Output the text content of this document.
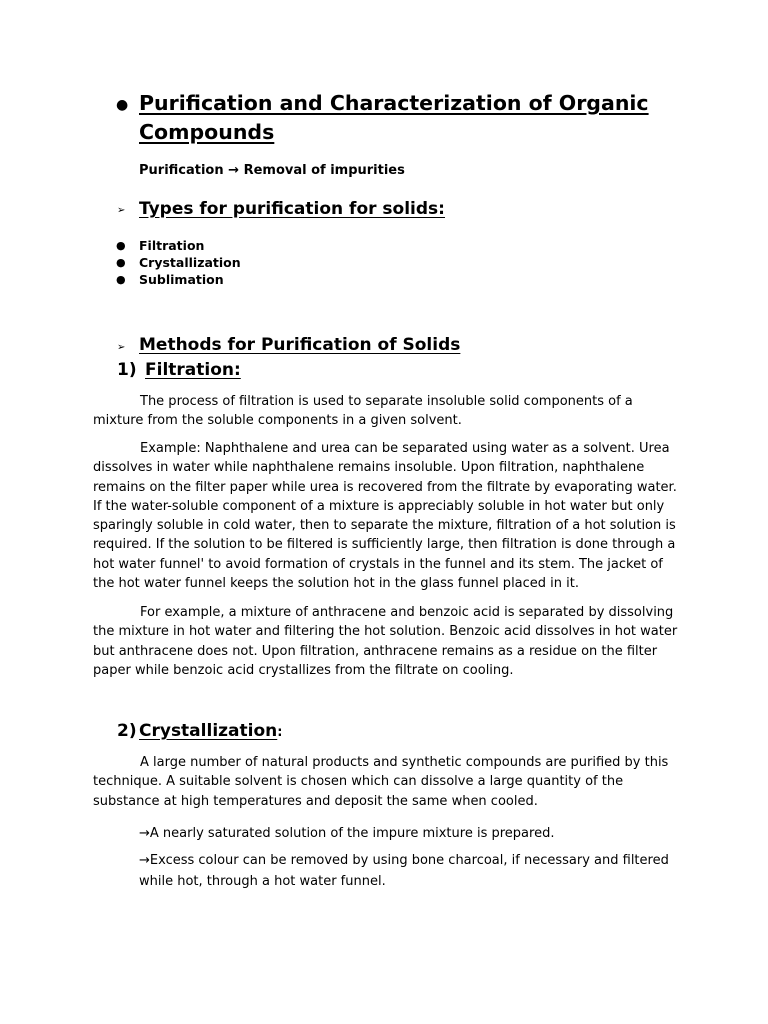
● Purification and Characterization of Organic Compounds
Purification → Removal of impurities
➢ Types for purification for solids:
● Filtration
● Crystallization
● Sublimation
➢ Methods for Purification of Solids
1) Filtration:
The process of filtration is used to separate insoluble solid components of a mixture from the soluble components in a given solvent.
Example: Naphthalene and urea can be separated using water as a solvent. Urea dissolves in water while naphthalene remains insoluble. Upon filtration, naphthalene remains on the filter paper while urea is recovered from the filtrate by evaporating water. If the water-soluble component of a mixture is appreciably soluble in hot water but only sparingly soluble in cold water, then to separate the mixture, filtration of a hot solution is required. If the solution to be filtered is sufficiently large, then filtration is done through a hot water funnel' to avoid formation of crystals in the funnel and its stem. The jacket of the hot water funnel keeps the solution hot in the glass funnel placed in it.
For example, a mixture of anthracene and benzoic acid is separated by dissolving the mixture in hot water and filtering the hot solution. Benzoic acid dissolves in hot water but anthracene does not. Upon filtration, anthracene remains as a residue on the filter paper while benzoic acid crystallizes from the filtrate on cooling.
2) Crystallization:
A large number of natural products and synthetic compounds are purified by this technique. A suitable solvent is chosen which can dissolve a large quantity of the substance at high temperatures and deposit the same when cooled.
→A nearly saturated solution of the impure mixture is prepared.
→Excess colour can be removed by using bone charcoal, if necessary and filtered while hot, through a hot water funnel.
